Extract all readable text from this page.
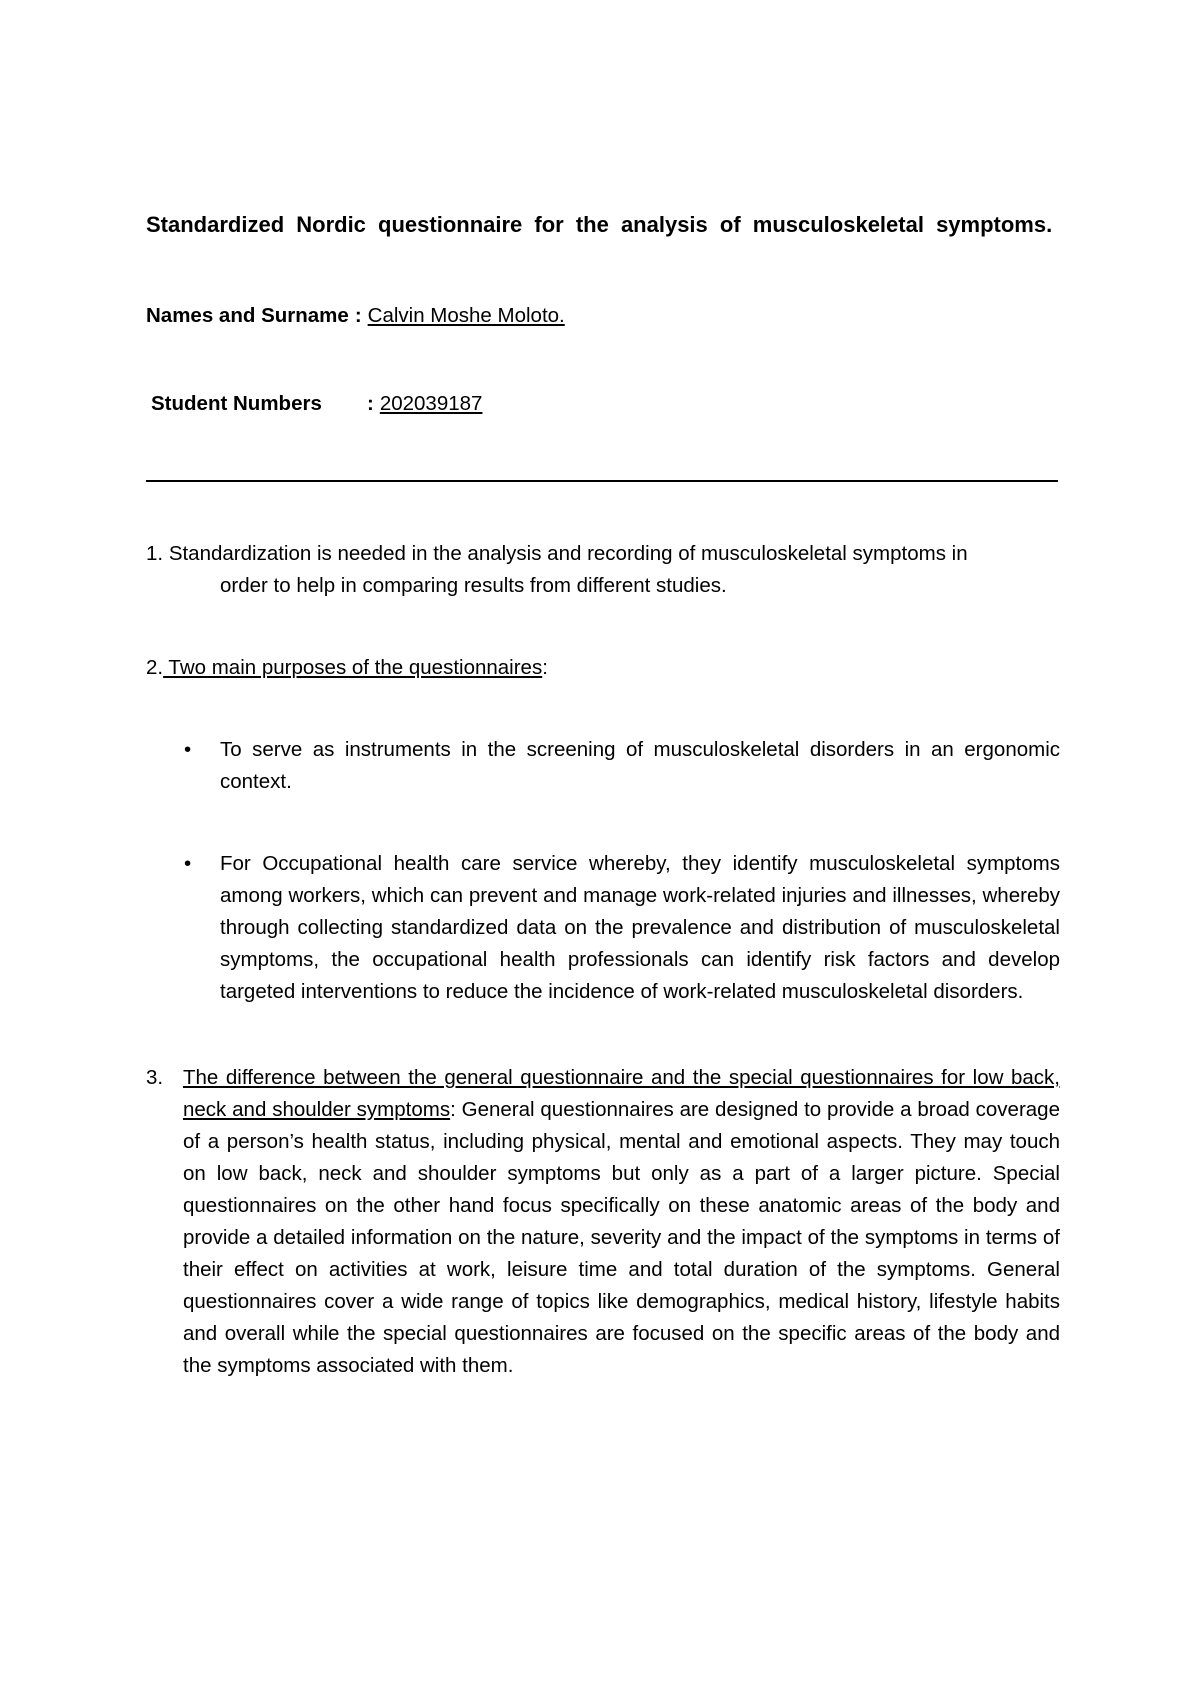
Standardized Nordic questionnaire for the analysis of musculoskeletal symptoms.

Names and Surname : Calvin Moshe Moloto.
Student Numbers	: 202039187
1. Standardization is needed in the analysis and recording of musculoskeletal symptoms in
order to help in comparing results from different studies.
2. Two main purposes of the questionnaires:
• To serve as instruments in the screening of musculoskeletal disorders in an ergonomic context.
• For Occupational health care service whereby, they identify musculoskeletal symptoms among workers, which can prevent and manage work-related injuries and illnesses, whereby through collecting standardized data on the prevalence and distribution of musculoskeletal symptoms, the occupational health professionals can identify risk factors and develop targeted interventions to reduce the incidence of work-related musculoskeletal disorders.
3. The difference between the general questionnaire and the special questionnaires for low back, neck and shoulder symptoms: General questionnaires are designed to provide a broad coverage of a person’s health status, including physical, mental and emotional aspects. They may touch on low back, neck and shoulder symptoms but only as a part of a larger picture. Special questionnaires on the other hand focus specifically on these anatomic areas of the body and provide a detailed information on the nature, severity and the impact of the symptoms in terms of their effect on activities at work, leisure time and total duration of the symptoms. General questionnaires cover a wide range of topics like demographics, medical history, lifestyle habits and overall while the special questionnaires are focused on the specific areas of the body and the symptoms associated with them.
